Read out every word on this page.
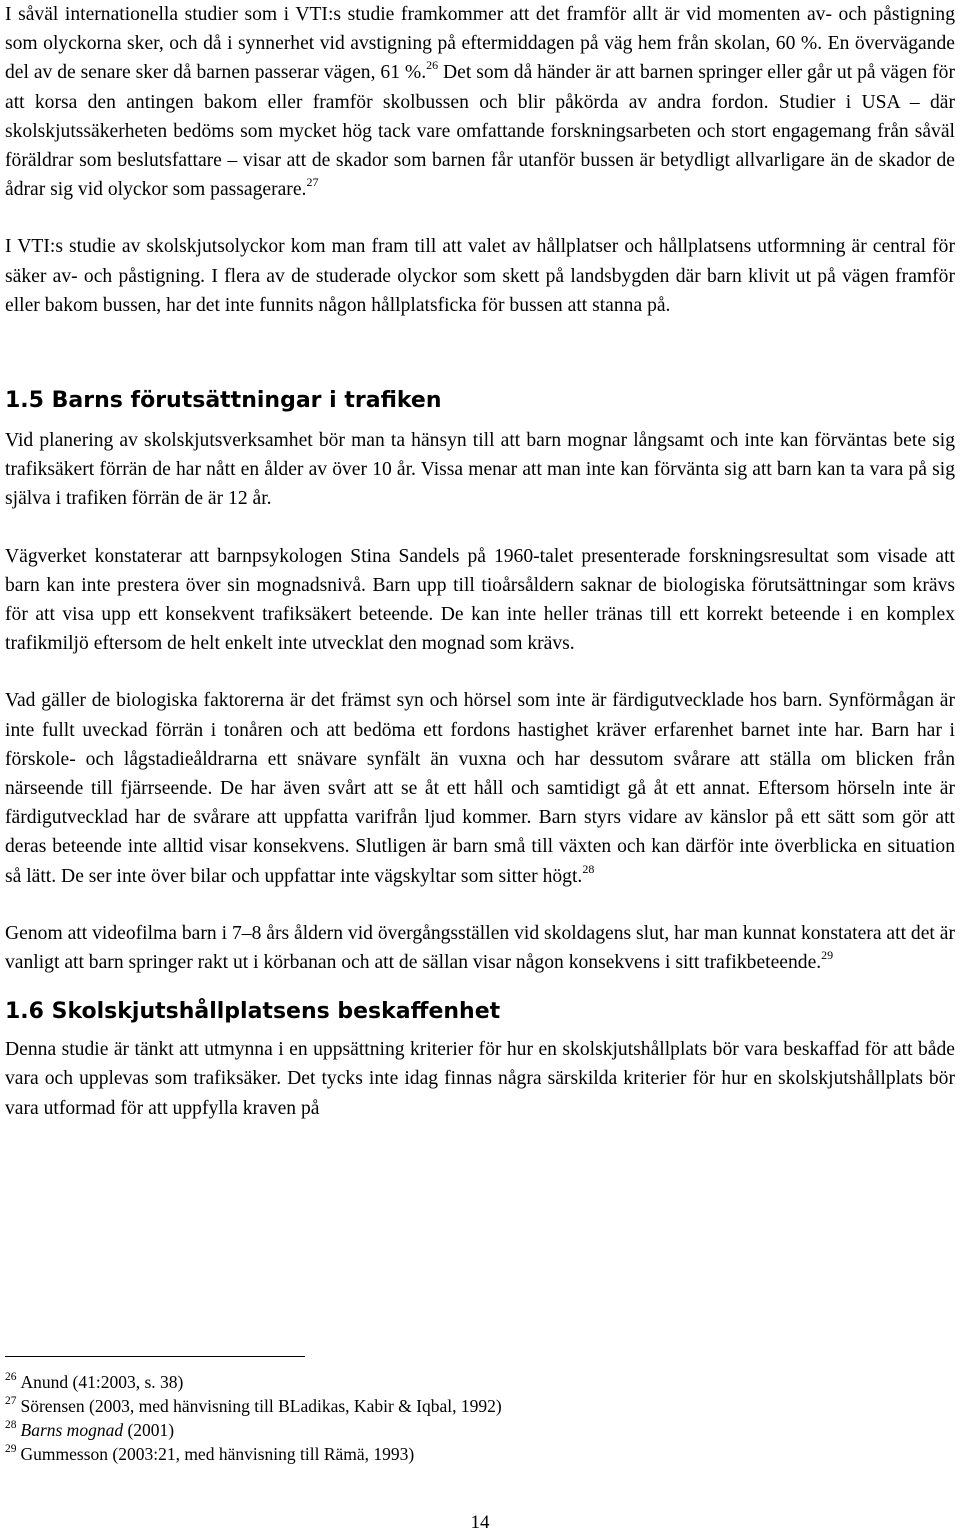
I såväl internationella studier som i VTI:s studie framkommer att det framför allt är vid momenten av- och påstigning som olyckorna sker, och då i synnerhet vid avstigning på eftermiddagen på väg hem från skolan, 60 %. En övervägande del av de senare sker då barnen passerar vägen, 61 %.$^{26}$ Det som då händer är att barnen springer eller går ut på vägen för att korsa den antingen bakom eller framför skolbussen och blir påkörda av andra fordon. Studier i USA – där skolskjutssäkerheten bedöms som mycket hög tack vare omfattande forskningsarbeten och stort engagemang från såväl föräldrar som beslutsfattare – visar att de skador som barnen får utanför bussen är betydligt allvarligare än de skador de ådrar sig vid olyckor som passagerare.$^{27}$

I VTI:s studie av skolskjutsolyckor kom man fram till att valet av hållplatser och hållplatsens utformning är central för säker av- och påstigning. I flera av de studerade olyckor som skett på landsbygden där barn klivit ut på vägen framför eller bakom bussen, har det inte funnits någon hållplatsficka för bussen att stanna på.

1.5 Barns förutsättningar i trafiken

Vid planering av skolskjutsverksamhet bör man ta hänsyn till att barn mognar långsamt och inte kan förväntas bete sig trafiksäkert förrän de har nått en ålder av över 10 år. Vissa menar att man inte kan förvänta sig att barn kan ta vara på sig själva i trafiken förrän de är 12 år.

Vägverket konstaterar att barnpsykologen Stina Sandels på 1960-talet presenterade forskningsresultat som visade att barn kan inte prestera över sin mognadsnivå. Barn upp till tioårsåldern saknar de biologiska förutsättningar som krävs för att visa upp ett konsekvent trafiksäkert beteende. De kan inte heller tränas till ett korrekt beteende i en komplex trafikmiljö eftersom de helt enkelt inte utvecklat den mognad som krävs.

Vad gäller de biologiska faktorerna är det främst syn och hörsel som inte är färdigutvecklade hos barn. Synförmågan är inte fullt uveckad förrän i tonåren och att bedöma ett fordons hastighet kräver erfarenhet barnet inte har. Barn har i förskole- och lågstadieåldrarna ett snävare synfält än vuxna och har dessutom svårare att ställa om blicken från närseende till fjärrseende. De har även svårt att se åt ett håll och samtidigt gå åt ett annat. Eftersom hörseln inte är färdigutvecklad har de svårare att uppfatta varifrån ljud kommer. Barn styrs vidare av känslor på ett sätt som gör att deras beteende inte alltid visar konsekvens. Slutligen är barn små till växten och kan därför inte överblicka en situation så lätt. De ser inte över bilar och uppfattar inte vägskyltar som sitter högt.$^{28}$

Genom att videofilma barn i 7–8 års åldern vid övergångsställen vid skoldagens slut, har man kunnat konstatera att det är vanligt att barn springer rakt ut i körbanan och att de sällan visar någon konsekvens i sitt trafikbeteende.$^{29}$

1.6 Skolskjutshållplatsens beskaffenhet

Denna studie är tänkt att utmynna i en uppsättning kriterier för hur en skolskjutshållplats bör vara beskaffad för att både vara och upplevas som trafiksäker. Det tycks inte idag finnas några särskilda kriterier för hur en skolskjutshållplats bör vara utformad för att uppfylla kraven på

$^{26}$ Anund (41:2003, s. 38)

$^{27}$ Sörensen (2003, med hänvisning till BLadikas, Kabir & Iqbal, 1992)

$^{28}$ Barns mognad (2001)

$^{29}$ Gummesson (2003:21, med hänvisning till Rämä, 1993)

14
